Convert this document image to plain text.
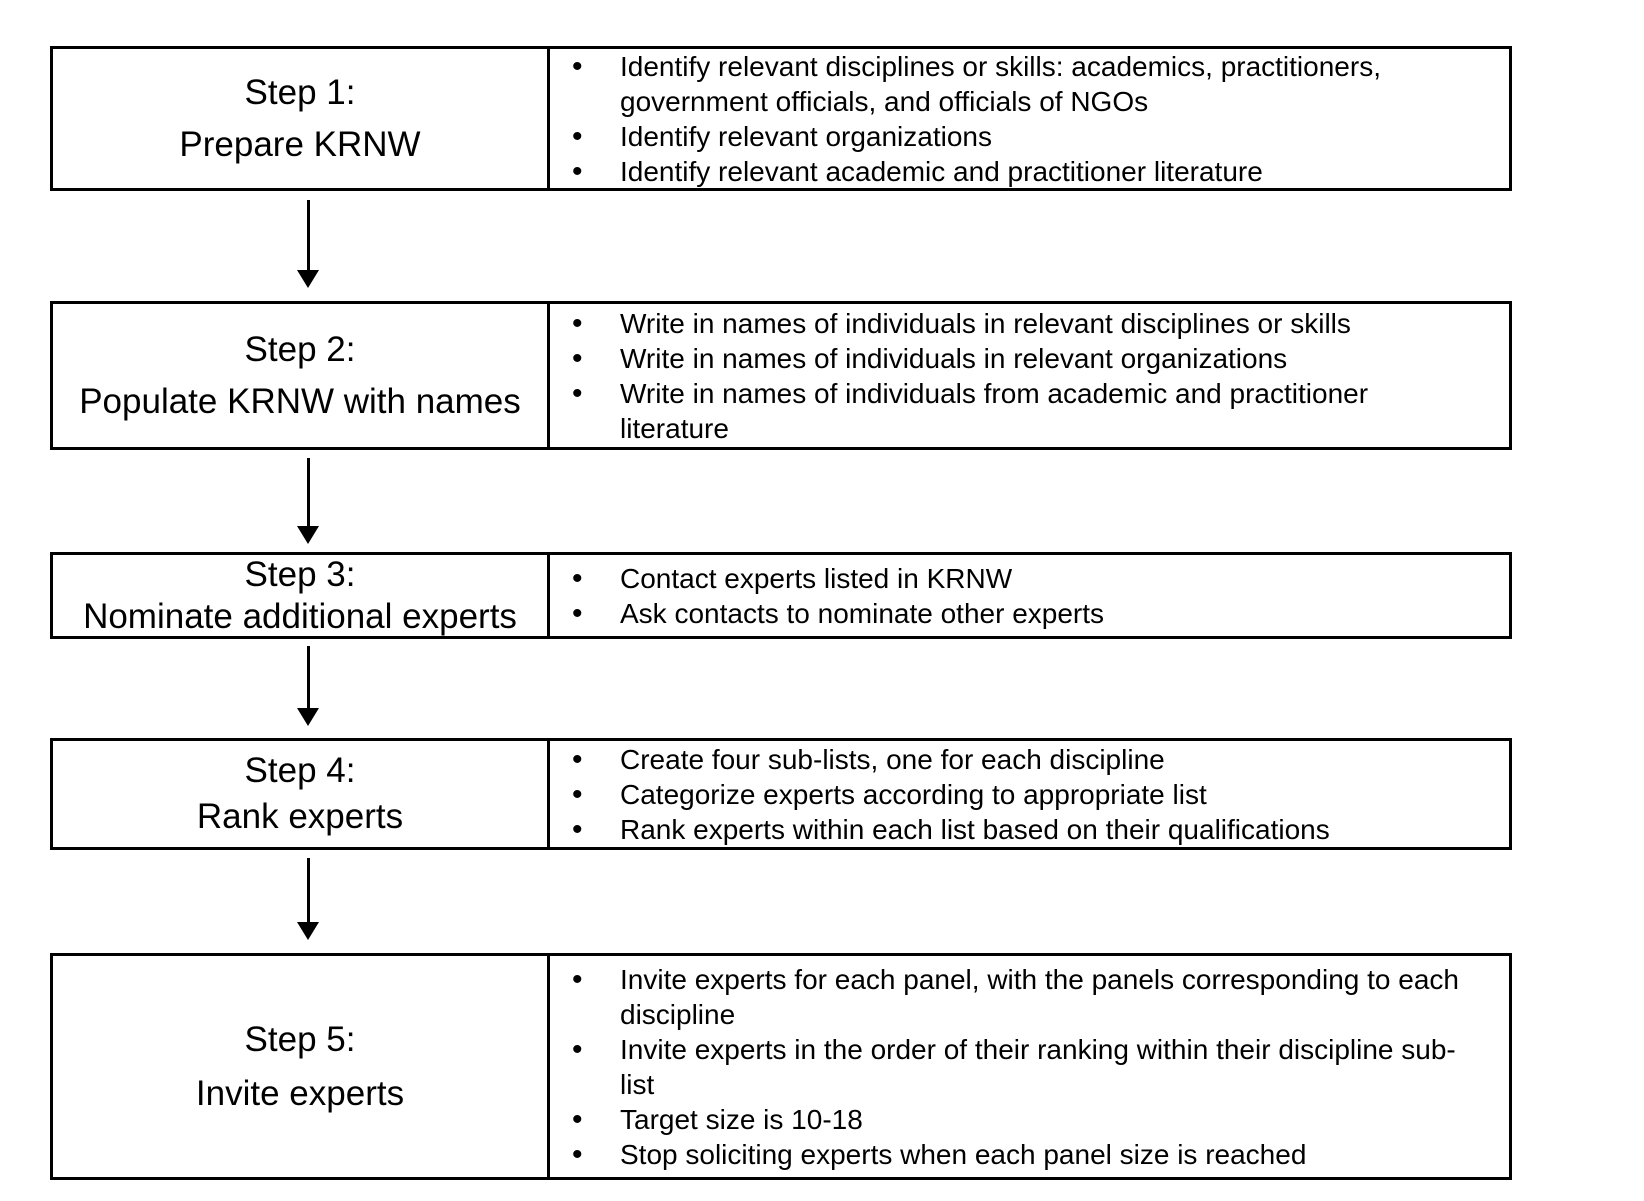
Step 1:
Prepare KRNW
• Identify relevant disciplines or skills: academics, practitioners, government officials, and officials of NGOs
• Identify relevant organizations
• Identify relevant academic and practitioner literature
Step 2:
Populate KRNW with names
• Write in names of individuals in relevant disciplines or skills
• Write in names of individuals in relevant organizations
• Write in names of individuals from academic and practitioner literature
Step 3:
Nominate additional experts
• Contact experts listed in KRNW
• Ask contacts to nominate other experts
Step 4:
Rank experts
• Create four sub-lists, one for each discipline
• Categorize experts according to appropriate list
• Rank experts within each list based on their qualifications
Step 5:
Invite experts
• Invite experts for each panel, with the panels corresponding to each discipline
• Invite experts in the order of their ranking within their discipline sub-list
• Target size is 10-18
• Stop soliciting experts when each panel size is reached
